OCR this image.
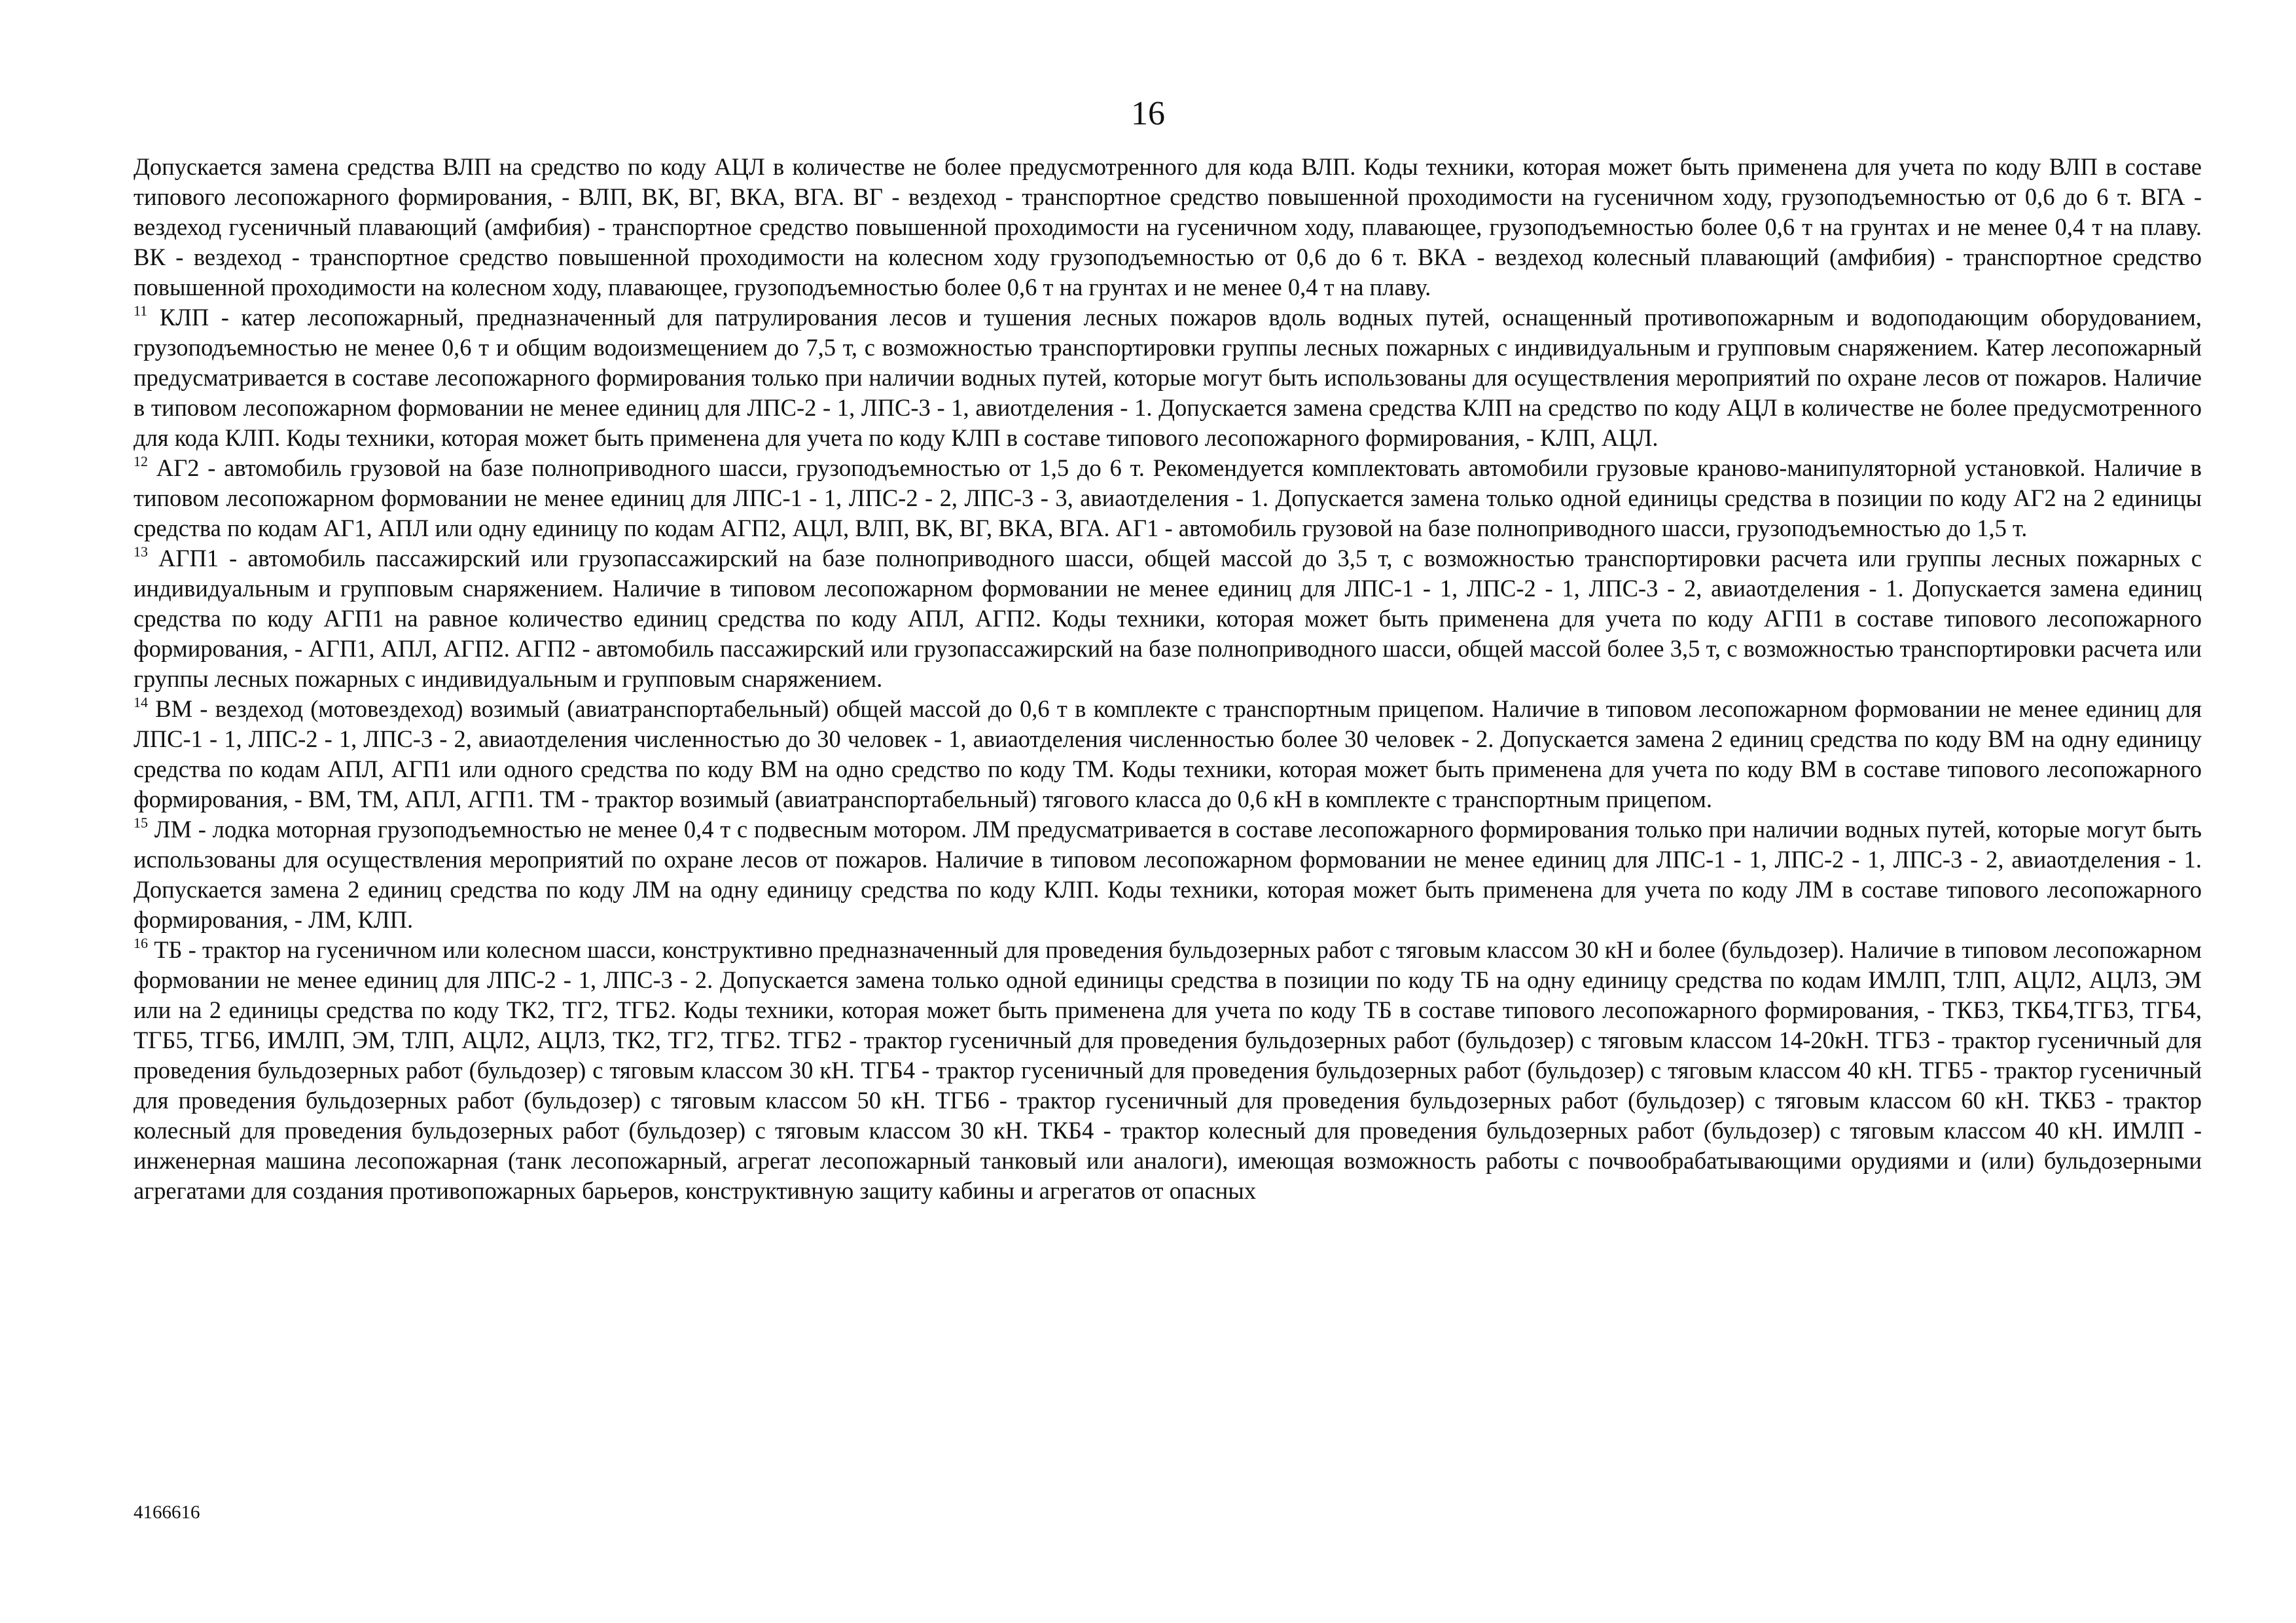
16

Допускается замена средства ВЛП на средство по коду АЦЛ в количестве не более предусмотренного для кода ВЛП. Коды техники, которая может быть применена для учета по коду ВЛП в составе типового лесопожарного формирования, - ВЛП, ВК, ВГ, ВКА, ВГА. ВГ - вездеход - транспортное средство повышенной проходимости на гусеничном ходу, грузоподъемностью от 0,6 до 6 т. ВГА - вездеход гусеничный плавающий (амфибия) - транспортное средство повышенной проходимости на гусеничном ходу, плавающее, грузоподъемностью более 0,6 т на грунтах и не менее 0,4 т на плаву. ВК - вездеход - транспортное средство повышенной проходимости на колесном ходу грузоподъемностью от 0,6 до 6 т. ВКА - вездеход колесный плавающий (амфибия) - транспортное средство повышенной проходимости на колесном ходу, плавающее, грузоподъемностью более 0,6 т на грунтах и не менее 0,4 т на плаву.

$^{11}$ КЛП - катер лесопожарный, предназначенный для патрулирования лесов и тушения лесных пожаров вдоль водных путей, оснащенный противопожарным и водоподающим оборудованием, грузоподъемностью не менее 0,6 т и общим водоизмещением до 7,5 т, с возможностью транспортировки группы лесных пожарных с индивидуальным и групповым снаряжением. Катер лесопожарный предусматривается в составе лесопожарного формирования только при наличии водных путей, которые могут быть использованы для осуществления мероприятий по охране лесов от пожаров. Наличие в типовом лесопожарном формовании не менее единиц для ЛПС-2 - 1, ЛПС-3 - 1, авиотделения - 1. Допускается замена средства КЛП на средство по коду АЦЛ в количестве не более предусмотренного для кода КЛП. Коды техники, которая может быть применена для учета по коду КЛП в составе типового лесопожарного формирования, - КЛП, АЦЛ.

$^{12}$ АГ2 - автомобиль грузовой на базе полноприводного шасси, грузоподъемностью от 1,5 до 6 т. Рекомендуется комплектовать автомобили грузовые краново-манипуляторной установкой. Наличие в типовом лесопожарном формовании не менее единиц для ЛПС-1 - 1, ЛПС-2 - 2, ЛПС-3 - 3, авиаотделения - 1. Допускается замена только одной единицы средства в позиции по коду АГ2 на 2 единицы средства по кодам АГ1, АПЛ или одну единицу по кодам АГП2, АЦЛ, ВЛП, ВК, ВГ, ВКА, ВГА. АГ1 - автомобиль грузовой на базе полноприводного шасси, грузоподъемностью до 1,5 т.

$^{13}$ АГП1 - автомобиль пассажирский или грузопассажирский на базе полноприводного шасси, общей массой до 3,5 т, с возможностью транспортировки расчета или группы лесных пожарных с индивидуальным и групповым снаряжением. Наличие в типовом лесопожарном формовании не менее единиц для ЛПС-1 - 1, ЛПС-2 - 1, ЛПС-3 - 2, авиаотделения - 1. Допускается замена единиц средства по коду АГП1 на равное количество единиц средства по коду АПЛ, АГП2. Коды техники, которая может быть применена для учета по коду АГП1 в составе типового лесопожарного формирования, - АГП1, АПЛ, АГП2. АГП2 - автомобиль пассажирский или грузопассажирский на базе полноприводного шасси, общей массой более 3,5 т, с возможностью транспортировки расчета или группы лесных пожарных с индивидуальным и групповым снаряжением.

$^{14}$ ВМ - вездеход (мотовездеход) возимый (авиатранспортабельный) общей массой до 0,6 т в комплекте с транспортным прицепом. Наличие в типовом лесопожарном формовании не менее единиц для ЛПС-1 - 1, ЛПС-2 - 1, ЛПС-3 - 2, авиаотделения численностью до 30 человек - 1, авиаотделения численностью более 30 человек - 2. Допускается замена 2 единиц средства по коду ВМ на одну единицу средства по кодам АПЛ, АГП1 или одного средства по коду ВМ на одно средство по коду ТМ. Коды техники, которая может быть применена для учета по коду ВМ в составе типового лесопожарного формирования, - ВМ, ТМ, АПЛ, АГП1. ТМ - трактор возимый (авиатранспортабельный) тягового класса до 0,6 кН в комплекте с транспортным прицепом.

$^{15}$ ЛМ - лодка моторная грузоподъемностью не менее 0,4 т с подвесным мотором. ЛМ предусматривается в составе лесопожарного формирования только при наличии водных путей, которые могут быть использованы для осуществления мероприятий по охране лесов от пожаров. Наличие в типовом лесопожарном формовании не менее единиц для ЛПС-1 - 1, ЛПС-2 - 1, ЛПС-3 - 2, авиаотделения - 1. Допускается замена 2 единиц средства по коду ЛМ на одну единицу средства по коду КЛП. Коды техники, которая может быть применена для учета по коду ЛМ в составе типового лесопожарного формирования, - ЛМ, КЛП.

$^{16}$ ТБ - трактор на гусеничном или колесном шасси, конструктивно предназначенный для проведения бульдозерных работ с тяговым классом 30 кН и более (бульдозер). Наличие в типовом лесопожарном формовании не менее единиц для ЛПС-2 - 1, ЛПС-3 - 2. Допускается замена только одной единицы средства в позиции по коду ТБ на одну единицу средства по кодам ИМЛП, ТЛП, АЦЛ2, АЦЛ3, ЭМ или на 2 единицы средства по коду ТК2, ТГ2, ТГБ2. Коды техники, которая может быть применена для учета по коду ТБ в составе типового лесопожарного формирования, - ТКБ3, ТКБ4,ТГБ3, ТГБ4, ТГБ5, ТГБ6, ИМЛП, ЭМ, ТЛП, АЦЛ2, АЦЛ3, ТК2, ТГ2, ТГБ2. ТГБ2 - трактор гусеничный для проведения бульдозерных работ (бульдозер) с тяговым классом 14-20кН. ТГБ3 - трактор гусеничный для проведения бульдозерных работ (бульдозер) с тяговым классом 30 кН. ТГБ4 - трактор гусеничный для проведения бульдозерных работ (бульдозер) с тяговым классом 40 кН. ТГБ5 - трактор гусеничный для проведения бульдозерных работ (бульдозер) с тяговым классом 50 кН. ТГБ6 - трактор гусеничный для проведения бульдозерных работ (бульдозер) с тяговым классом 60 кН. ТКБ3 - трактор колесный для проведения бульдозерных работ (бульдозер) с тяговым классом 30 кН. ТКБ4 - трактор колесный для проведения бульдозерных работ (бульдозер) с тяговым классом 40 кН. ИМЛП - инженерная машина лесопожарная (танк лесопожарный, агрегат лесопожарный танковый или аналоги), имеющая возможность работы с почвообрабатывающими орудиями и (или) бульдозерными агрегатами для создания противопожарных барьеров, конструктивную защиту кабины и агрегатов от опасных

4166616
